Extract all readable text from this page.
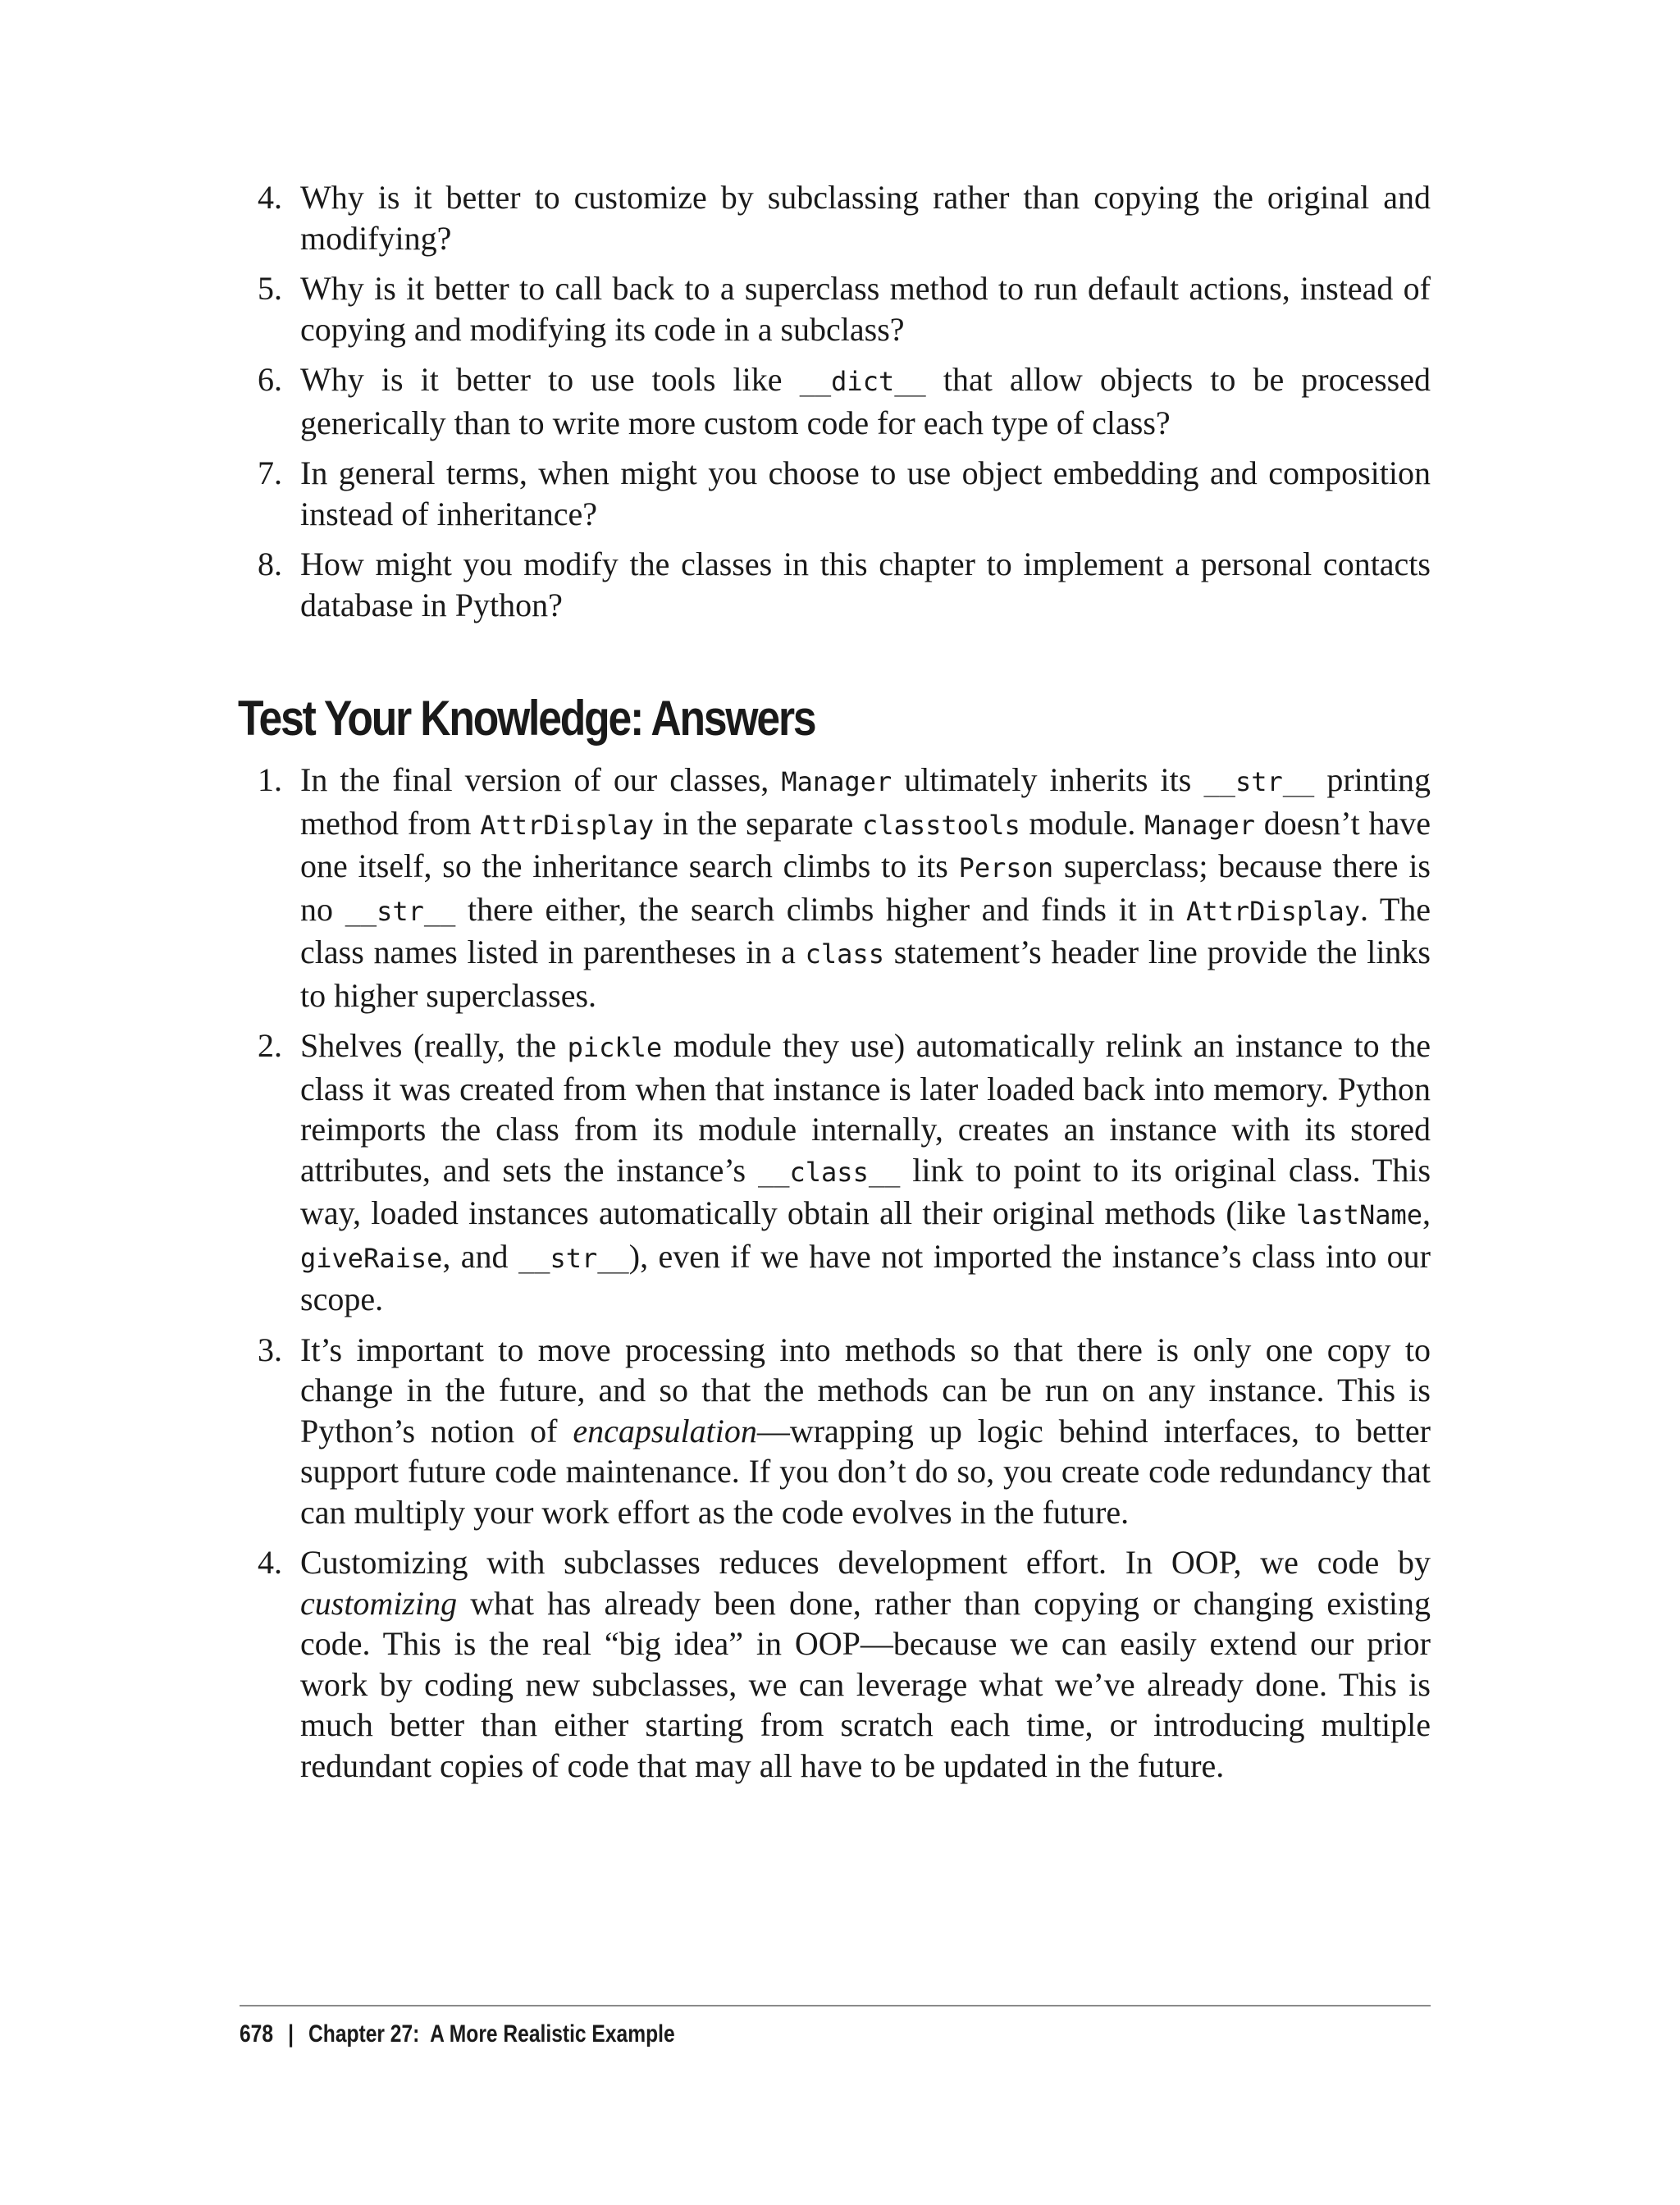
4. Why is it better to customize by subclassing rather than copying the original and modifying?
5. Why is it better to call back to a superclass method to run default actions, instead of copying and modifying its code in a subclass?
6. Why is it better to use tools like __dict__ that allow objects to be processed generically than to write more custom code for each type of class?
7. In general terms, when might you choose to use object embedding and composition instead of inheritance?
8. How might you modify the classes in this chapter to implement a personal contacts database in Python?
Test Your Knowledge: Answers
1. In the final version of our classes, Manager ultimately inherits its __str__ printing method from AttrDisplay in the separate classtools module. Manager doesn’t have one itself, so the inheritance search climbs to its Person superclass; because there is no __str__ there either, the search climbs higher and finds it in AttrDisplay. The class names listed in parentheses in a class statement’s header line provide the links to higher superclasses.
2. Shelves (really, the pickle module they use) automatically relink an instance to the class it was created from when that instance is later loaded back into memory. Python reimports the class from its module internally, creates an instance with its stored attributes, and sets the instance’s __class__ link to point to its original class. This way, loaded instances automatically obtain all their original methods (like lastName, giveRaise, and __str__), even if we have not imported the instance’s class into our scope.
3. It’s important to move processing into methods so that there is only one copy to change in the future, and so that the methods can be run on any instance. This is Python’s notion of encapsulation—wrapping up logic behind interfaces, to better support future code maintenance. If you don’t do so, you create code redundancy that can multiply your work effort as the code evolves in the future.
4. Customizing with subclasses reduces development effort. In OOP, we code by customizing what has already been done, rather than copying or changing existing code. This is the real “big idea” in OOP—because we can easily extend our prior work by coding new subclasses, we can leverage what we’ve already done. This is much better than either starting from scratch each time, or introducing multiple redundant copies of code that may all have to be updated in the future.
678 | Chapter 27:  A More Realistic Example
